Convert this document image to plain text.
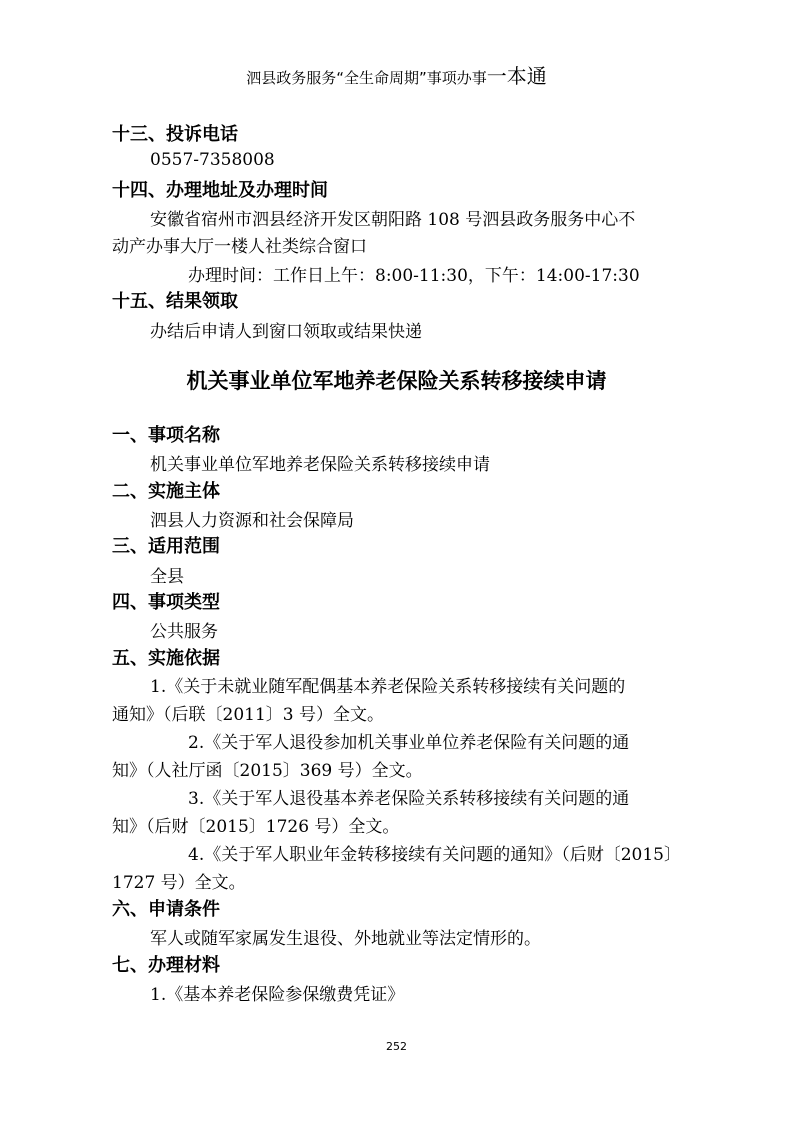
泗县政务服务“全生命周期”事项办事一本通
十三、投诉电话
0557-7358008
十四、办理地址及办理时间
安徽省宿州市泗县经济开发区朝阳路 108 号泗县政务服务中心不
动产办事大厅一楼人社类综合窗口
办理时间：工作日上午：8:00-11:30，下午：14:00-17:30
十五、结果领取
办结后申请人到窗口领取或结果快递
机关事业单位军地养老保险关系转移接续申请
一、事项名称
机关事业单位军地养老保险关系转移接续申请
二、实施主体
泗县人力资源和社会保障局
三、适用范围
全县
四、事项类型
公共服务
五、实施依据
1.《关于未就业随军配偶基本养老保险关系转移接续有关问题的
通知》（后联〔2011〕3 号）全文。
2.《关于军人退役参加机关事业单位养老保险有关问题的通
知》（人社厅函〔2015〕369 号）全文。
3.《关于军人退役基本养老保险关系转移接续有关问题的通
知》（后财〔2015〕1726 号）全文。
4.《关于军人职业年金转移接续有关问题的通知》（后财〔2015〕
1727 号）全文。
六、申请条件
军人或随军家属发生退役、外地就业等法定情形的。
七、办理材料
1.《基本养老保险参保缴费凭证》
252
